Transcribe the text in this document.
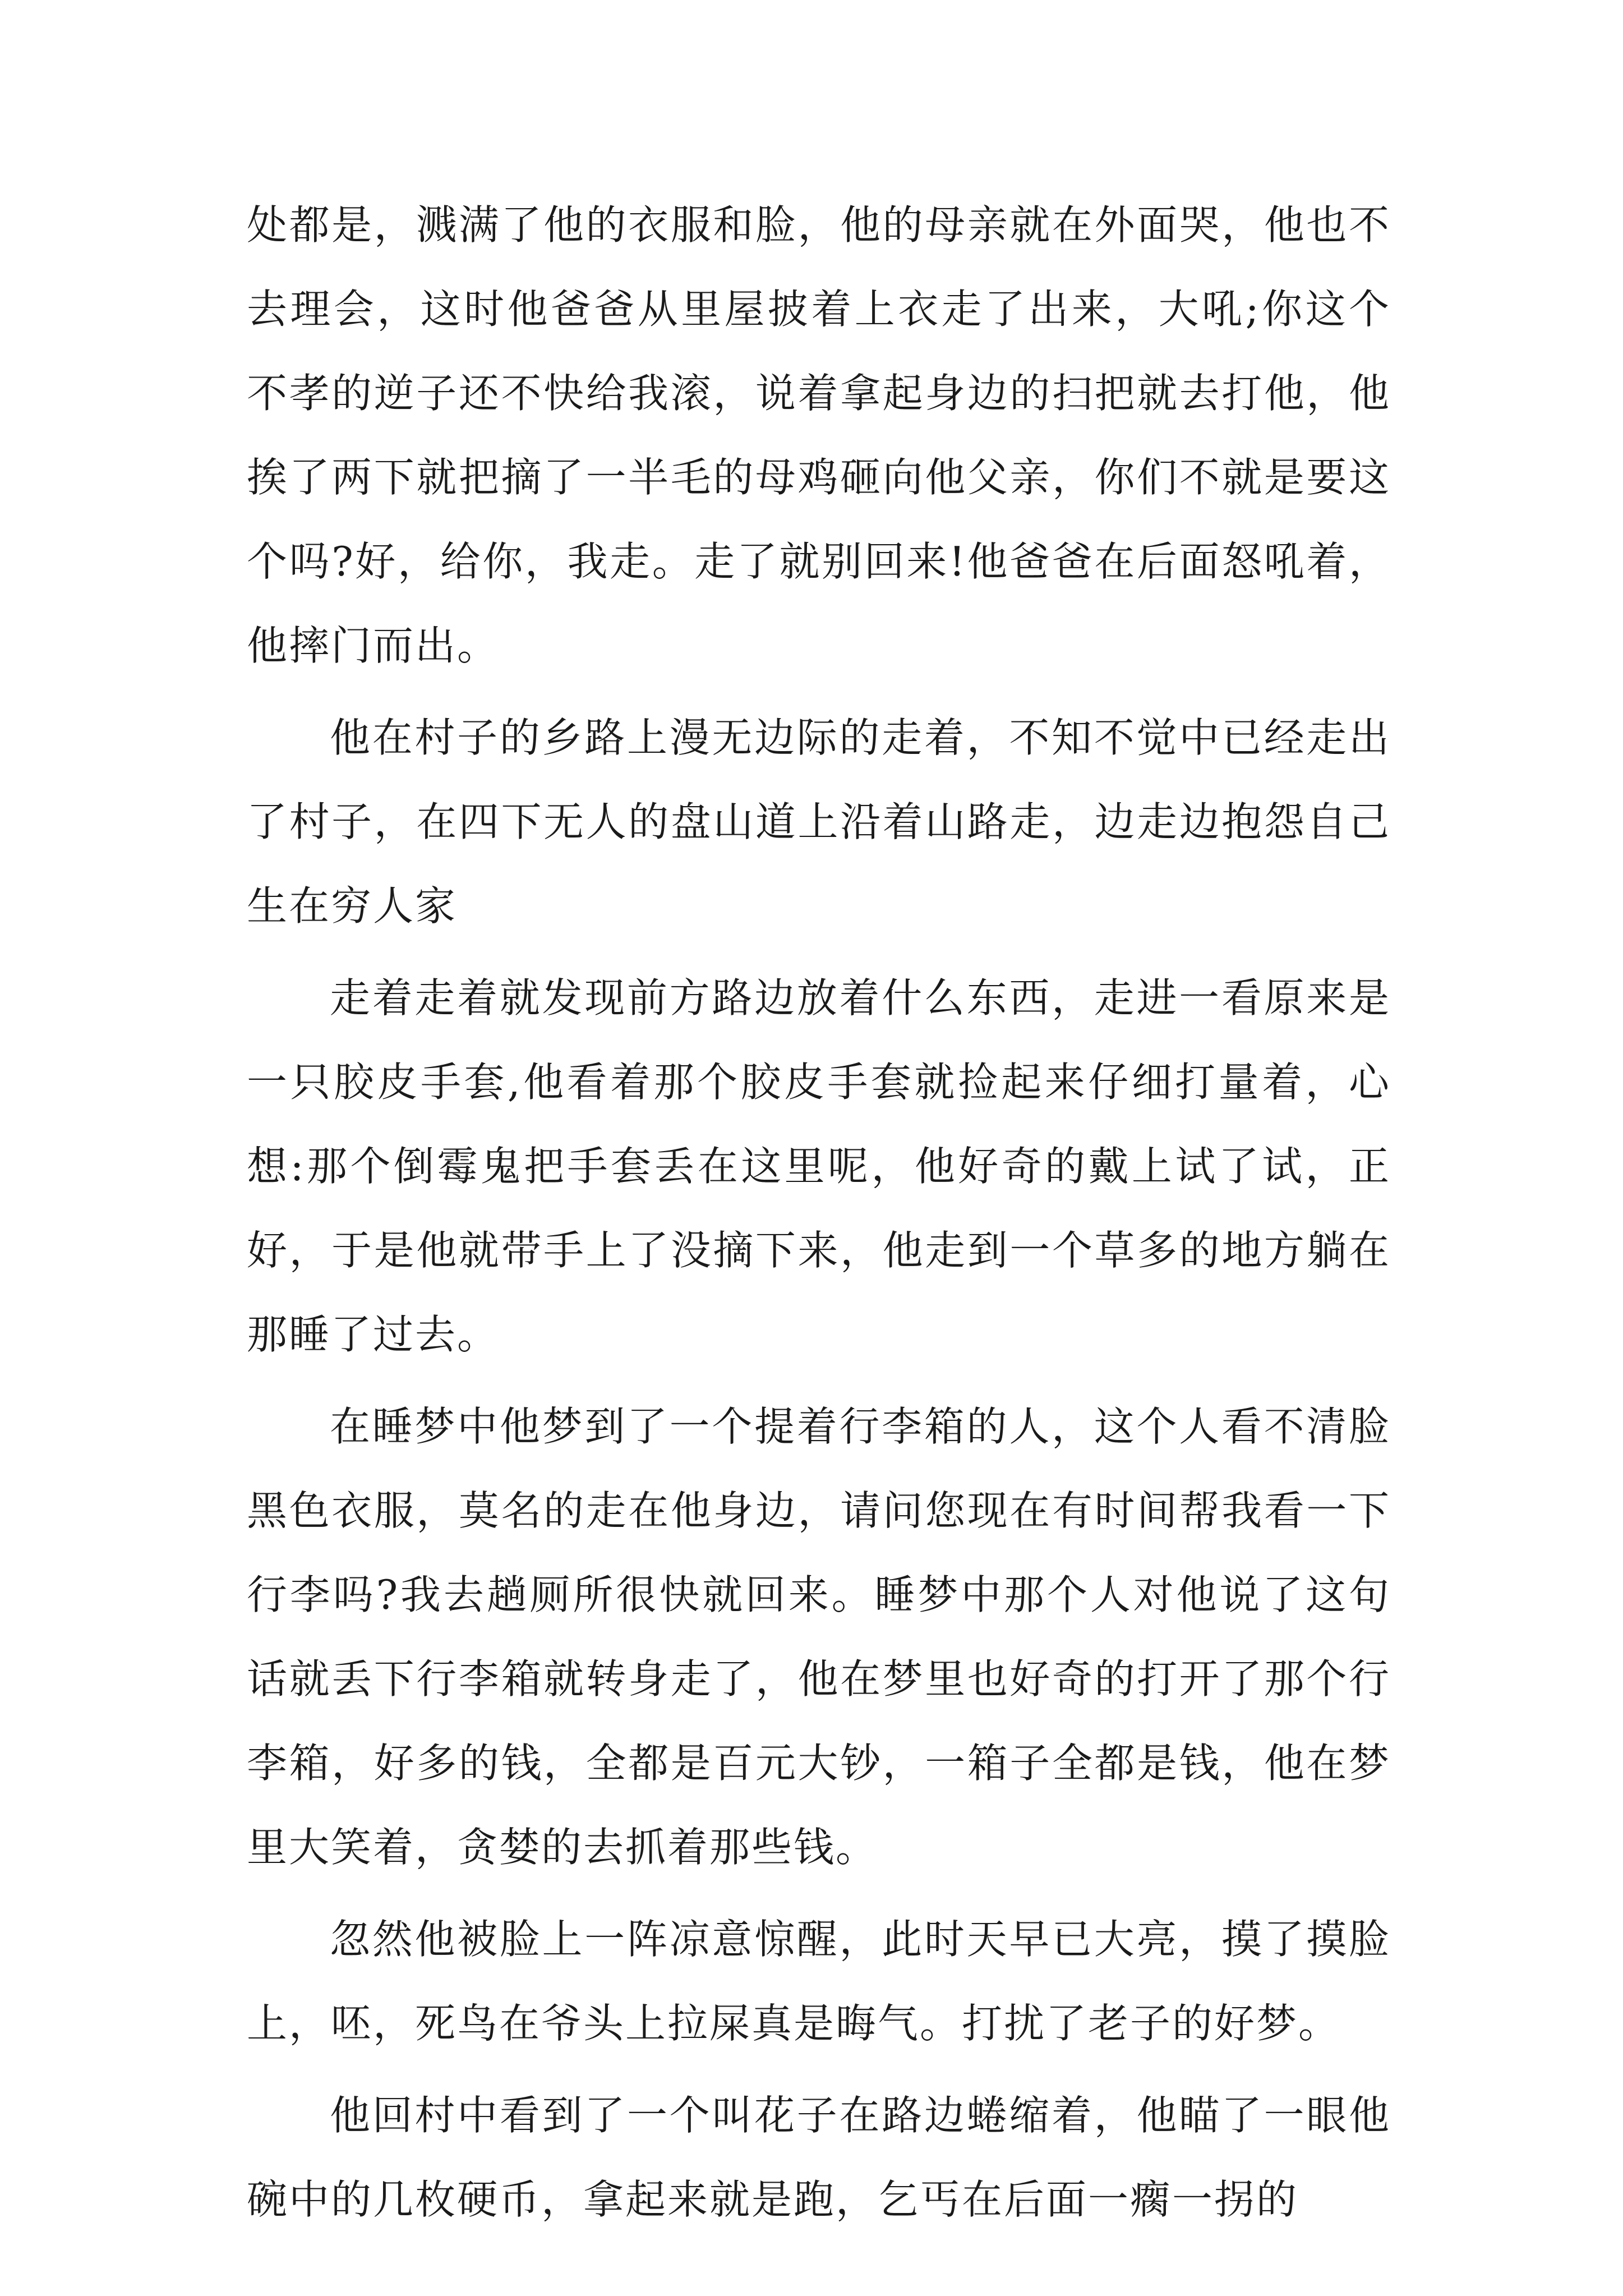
处都是，溅满了他的衣服和脸，他的母亲就在外面哭，他也不去理会，这时他爸爸从里屋披着上衣走了出来，大吼;你这个不孝的逆子还不快给我滚，说着拿起身边的扫把就去打他，他挨了两下就把摘了一半毛的母鸡砸向他父亲，你们不就是要这个吗?好，给你，我走。走了就别回来!他爸爸在后面怒吼着，他摔门而出。

他在村子的乡路上漫无边际的走着，不知不觉中已经走出了村子，在四下无人的盘山道上沿着山路走，边走边抱怨自己生在穷人家

走着走着就发现前方路边放着什么东西，走进一看原来是一只胶皮手套,他看着那个胶皮手套就捡起来仔细打量着，心想:那个倒霉鬼把手套丢在这里呢，他好奇的戴上试了试，正好，于是他就带手上了没摘下来，他走到一个草多的地方躺在那睡了过去。

在睡梦中他梦到了一个提着行李箱的人，这个人看不清脸黑色衣服，莫名的走在他身边，请问您现在有时间帮我看一下行李吗?我去趟厕所很快就回来。睡梦中那个人对他说了这句话就丢下行李箱就转身走了，他在梦里也好奇的打开了那个行李箱，好多的钱，全都是百元大钞，一箱子全都是钱，他在梦里大笑着，贪婪的去抓着那些钱。

忽然他被脸上一阵凉意惊醒，此时天早已大亮，摸了摸脸上，呸，死鸟在爷头上拉屎真是晦气。打扰了老子的好梦。

他回村中看到了一个叫花子在路边蜷缩着，他瞄了一眼他碗中的几枚硬币，拿起来就是跑，乞丐在后面一瘸一拐的
